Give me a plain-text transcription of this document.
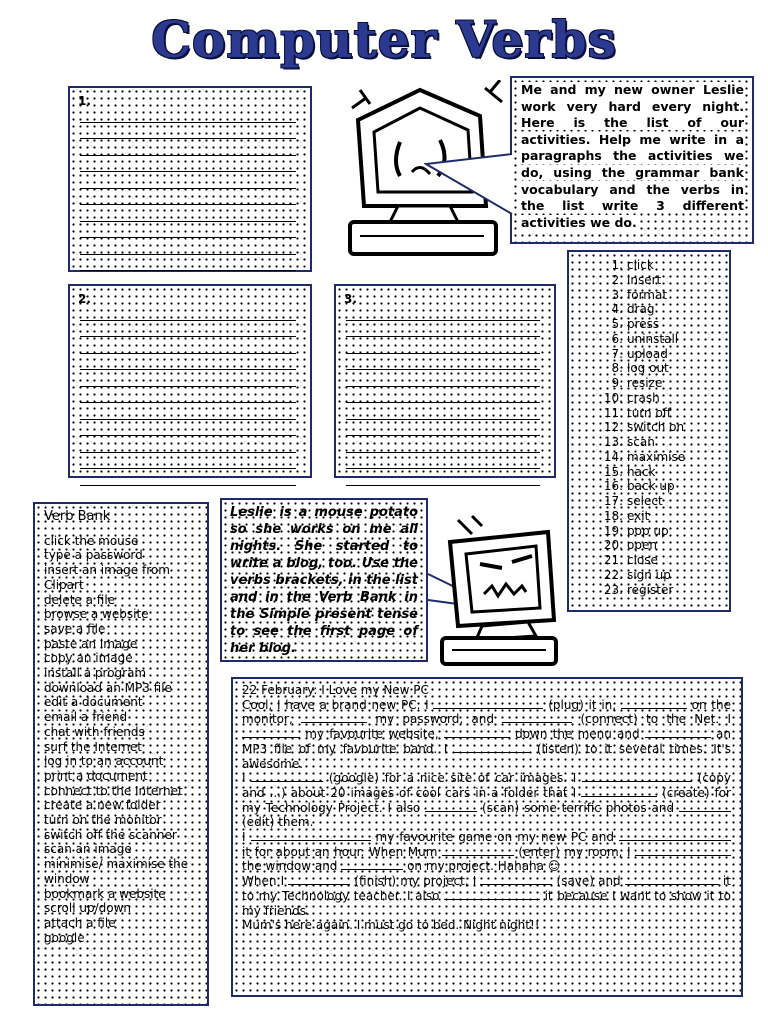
Computer Verbs
1.
2.	3.
Me and my new owner Leslie work very hard every night. Here is the list of our activities. Help me write in a paragraphs the activities we do, using the grammar bank vocabulary and the verbs in the list write 3 different activities we do.
1. click
2. insert
3. format
4. drag
5. press
6. uninstall
7. upload
8. log out
9. resize
10. crash
11. turn off
12. switch on
13. scan
14. maximise
15. hack
16. back up
17. select
18. exit
19. pop up
20. open
21. close
22. sign up
23. register
Verb Bank
click the mouse
type a password
insert an image from Clipart
delete a file
browse a website
save a file
paste an image
copy an image
install a program
download an MP3 file
edit a document
email a friend
chat with friends
surf the Internet
log in to an account
print a document
connect to the Internet
create a new folder
turn on the monitor
switch off the scanner
scan an image
minimise/ maximise the window
bookmark a website
scroll up/down
attach a file
google
Leslie is a mouse potato so she works on me all nights. She started to write a blog, too. Use the verbs brackets, in the list and in the Verb Bank in the Simple present tense to see the first page of her blog.

22 February: I Love my New PC

Cool, I have a brand new PC. I	(plug) it in,	on the monitor,	my password, and	(connect) to the Net. I  my favourite website,	down the menu and	an MP3 file of my favourite band. I	(listen) to it several times. It's awesome.

I	(google) for a nice site of car images. I	(copy and ...) about 20 images of cool cars in a folder that I	(create) for my Technology Project. I also	(scan) some terrific photos and  (edit) them.

I	my favourite game on my new PC and  it for about an hour. When Mum	(enter) my room, I  the window and	on my project. Hahaha ☺

When I	(finish) my project, I	(save) and	it to my Technology teacher. I also	it because I want to show it to my friends.

Mum's here again. I must go to bed. Night night!!
